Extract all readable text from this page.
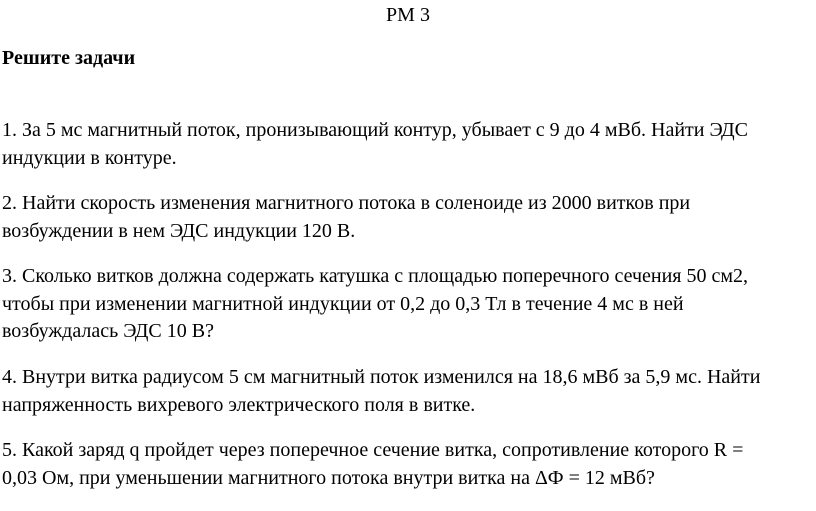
РМ 3
Решите задачи

1. За 5 мс магнитный поток, пронизывающий контур, убывает с 9 до 4 мВб. Найти ЭДС
индукции в контуре.

2. Найти скорость изменения магнитного потока в соленоиде из 2000 витков при
возбуждении в нем ЭДС индукции 120 В.

3. Сколько витков должна содержать катушка с площадью поперечного сечения 50 см2,
чтобы при изменении магнитной индукции от 0,2 до 0,3 Тл в течение 4 мс в ней
возбуждалась ЭДС 10 В?

4. Внутри витка радиусом 5 см магнитный поток изменился на 18,6 мВб за 5,9 мс. Найти
напряженность вихревого электрического поля в витке.

5. Какой заряд q пройдет через поперечное сечение витка, сопротивление которого R =
0,03 Ом, при уменьшении магнитного потока внутри витка на ΔФ = 12 мВб?
